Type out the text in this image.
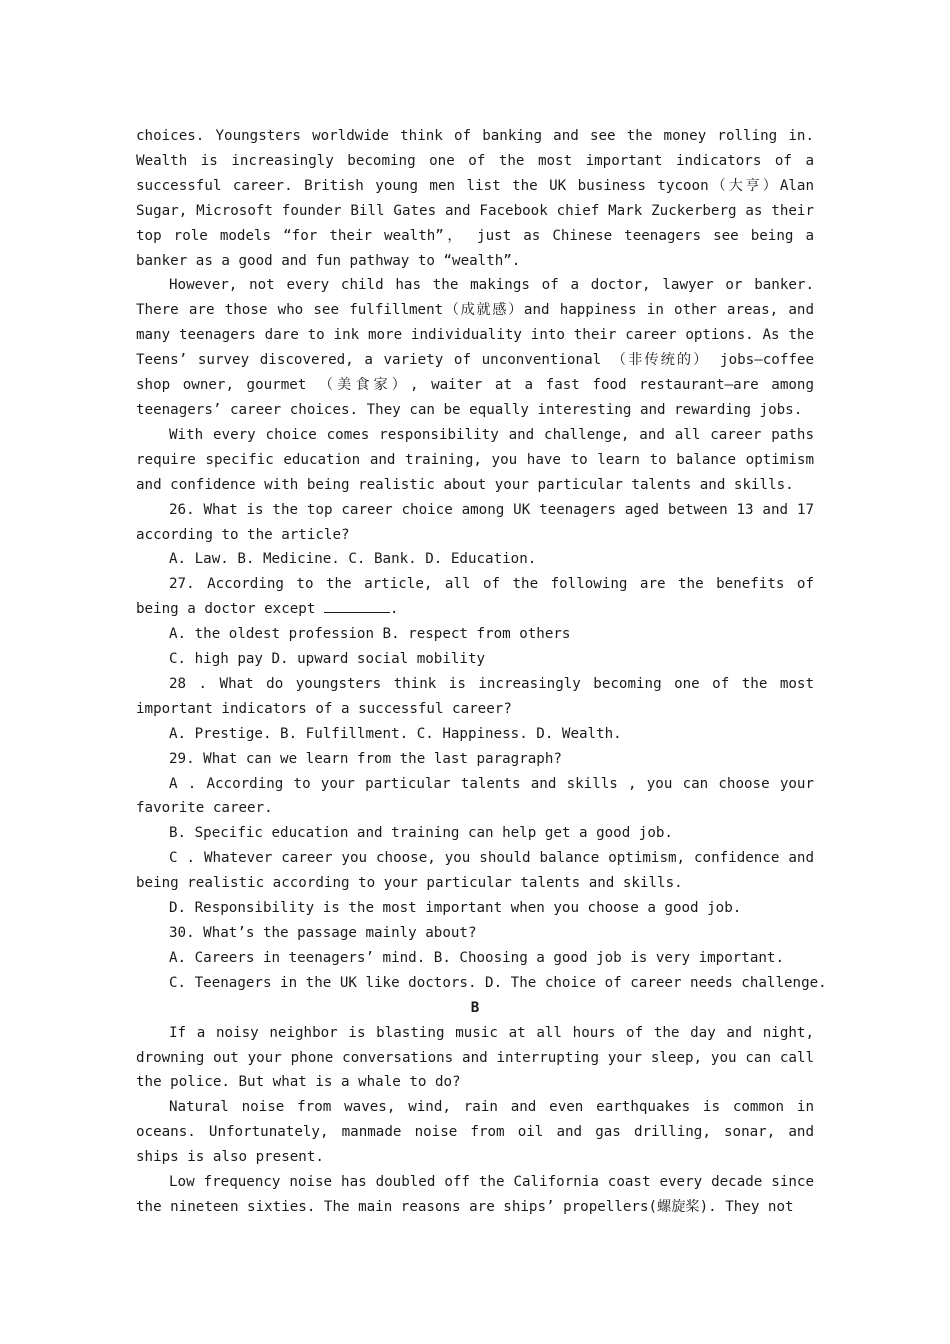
choices. Youngsters worldwide think of banking and see the money rolling in. Wealth is increasingly becoming one of the most important indicators of a successful career. British young men list the UK business tycoon（大亨）Alan Sugar, Microsoft founder Bill Gates and Facebook chief Mark Zuckerberg as their top role models “for their wealth”， just as Chinese teenagers see being a banker as a good and fun pathway to “wealth”.

However, not every child has the makings of a doctor, lawyer or banker. There are those who see fulfillment（成就感）and happiness in other areas, and many teenagers dare to ink more individuality into their career options. As the Teens’ survey discovered, a variety of unconventional （非传统的） jobs—coffee shop owner, gourmet （美食家）, waiter at a fast food restaurant—are among teenagers’ career choices. They can be equally interesting and rewarding jobs.

With every choice comes responsibility and challenge, and all career paths require specific education and training, you have to learn to balance optimism and confidence with being realistic about your particular talents and skills.

26. What is the top career choice among UK teenagers aged between 13 and 17 according to the article?

A. Law. B. Medicine. C. Bank. D. Education.

27. According to the article, all of the following are the benefits of being a doctor except	.

A. the oldest profession B. respect from others

C. high pay D. upward social mobility

28 . What do youngsters think is increasingly becoming one of the most important indicators of a successful career?

A. Prestige. B. Fulfillment. C. Happiness. D. Wealth.

29. What can we learn from the last paragraph?

A . According to your particular talents and skills , you can choose your favorite career.

B. Specific education and training can help get a good job.

C . Whatever career you choose, you should balance optimism, confidence and being realistic according to your particular talents and skills.

D. Responsibility is the most important when you choose a good job.

30. What’s the passage mainly about?

A. Careers in teenagers’ mind. B. Choosing a good job is very important.

C. Teenagers in the UK like doctors. D. The choice of career needs challenge.

B

If a noisy neighbor is blasting music at all hours of the day and night, drowning out your phone conversations and interrupting your sleep, you can call the police. But what is a whale to do?

Natural noise from waves, wind, rain and even earthquakes is common in oceans. Unfortunately, manmade noise from oil and gas drilling, sonar, and ships is also present.

Low frequency noise has doubled off the California coast every decade since the nineteen sixties. The main reasons are ships’ propellers(螺旋桨). They not
